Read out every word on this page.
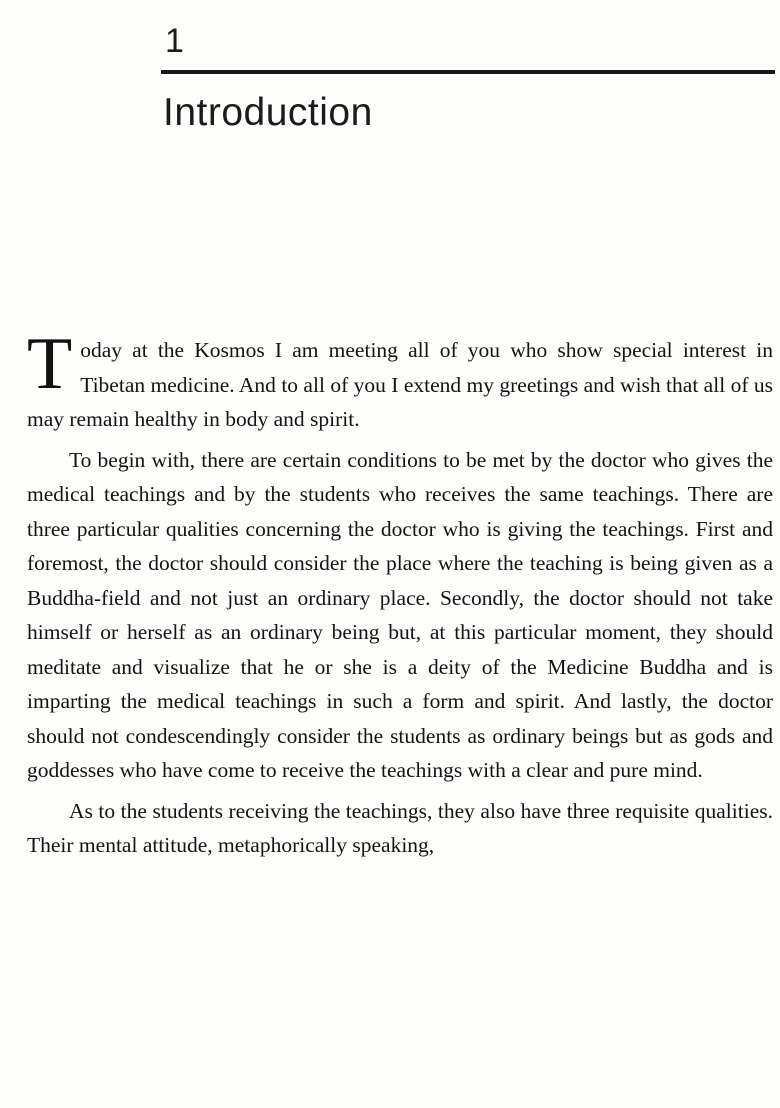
1
Introduction

Today at the Kosmos I am meeting all of you who show special interest in Tibetan medicine. And to all of you I extend my greetings and wish that all of us may remain healthy in body and spirit.

To begin with, there are certain conditions to be met by the doctor who gives the medical teachings and by the students who receives the same teachings. There are three particular qualities concerning the doctor who is giving the teachings. First and foremost, the doctor should consider the place where the teaching is being given as a Buddha-field and not just an ordinary place. Secondly, the doctor should not take himself or herself as an ordinary being but, at this particular moment, they should meditate and visualize that he or she is a deity of the Medicine Buddha and is imparting the medical teachings in such a form and spirit. And lastly, the doctor should not condescendingly consider the students as ordinary beings but as gods and goddesses who have come to receive the teachings with a clear and pure mind.

As to the students receiving the teachings, they also have three requisite qualities. Their mental attitude, metaphorically speaking,
